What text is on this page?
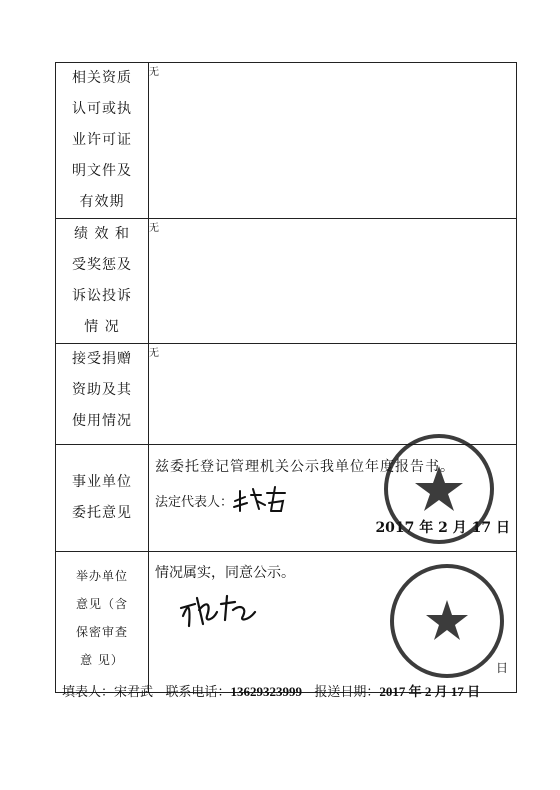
相关资质
认可或执
业许可证
明文件及
有效期	无

绩 效 和
受奖惩及
诉讼投诉
情 况	无

接受捐赠
资助及其
使用情况	无

事业单位
委托意见	兹委托登记管理机关公示我单位年度报告书。
法定代表人：
2017 年 2 月 17 日

举办单位
意见（含
保密审查
意 见）	情况属实，同意公示。
日
填表人：宋君武 联系电话：13629323999 报送日期：2017 年 2 月 17 日
